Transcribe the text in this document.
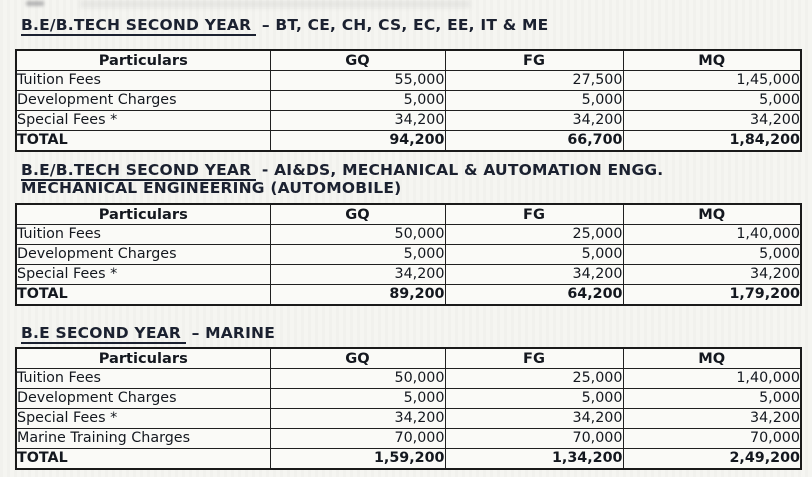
B.E/B.TECH SECOND YEAR – BT, CE, CH, CS, EC, EE, IT & ME

Particulars	GQ	FG	MQ
Tuition Fees	55,000	27,500	1,45,000
Development Charges	5,000	5,000	5,000
Special Fees *	34,200	34,200	34,200
TOTAL	94,200	66,700	1,84,200

B.E/B.TECH SECOND YEAR - AI&DS, MECHANICAL & AUTOMATION ENGG.
MECHANICAL ENGINEERING (AUTOMOBILE)

Particulars	GQ	FG	MQ
Tuition Fees	50,000	25,000	1,40,000
Development Charges	5,000	5,000	5,000
Special Fees *	34,200	34,200	34,200
TOTAL	89,200	64,200	1,79,200

B.E SECOND YEAR – MARINE

Particulars	GQ	FG	MQ
Tuition Fees	50,000	25,000	1,40,000
Development Charges	5,000	5,000	5,000
Special Fees *	34,200	34,200	34,200
Marine Training Charges	70,000	70,000	70,000
TOTAL	1,59,200	1,34,200	2,49,200
